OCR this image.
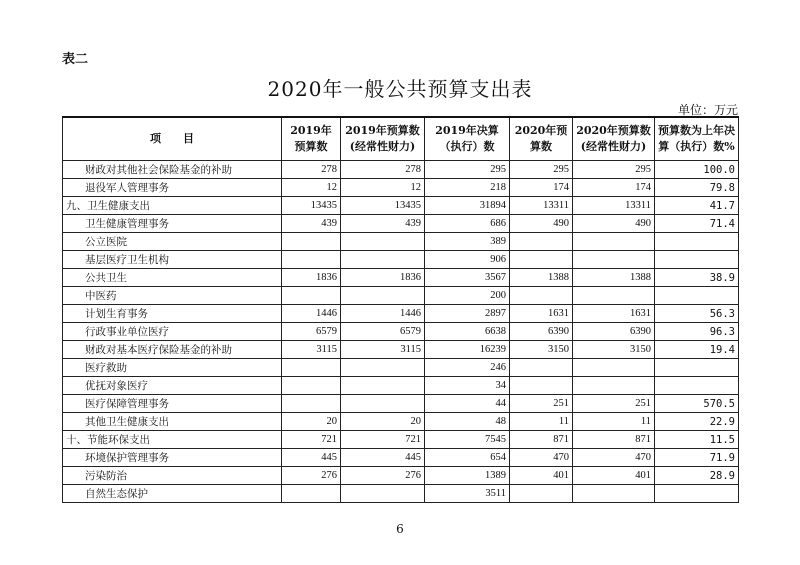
表二
2020年一般公共预算支出表
单位：万元
项　　目	2019年预算数	2019年预算数(经常性财力)	2019年决算（执行）数	2020年预算数	2020年预算数(经常性财力)	预算数为上年决算（执行）数%
财政对其他社会保险基金的补助	278	278	295	295	295	100.0
退役军人管理事务	12	12	218	174	174	79.8
九、卫生健康支出	13435	13435	31894	13311	13311	41.7
卫生健康管理事务	439	439	686	490	490	71.4
公立医院			389			
基层医疗卫生机构			906			
公共卫生	1836	1836	3567	1388	1388	38.9
中医药			200			
计划生育事务	1446	1446	2897	1631	1631	56.3
行政事业单位医疗	6579	6579	6638	6390	6390	96.3
财政对基本医疗保险基金的补助	3115	3115	16239	3150	3150	19.4
医疗救助			246			
优抚对象医疗			34			
医疗保障管理事务			44	251	251	570.5
其他卫生健康支出	20	20	48	11	11	22.9
十、节能环保支出	721	721	7545	871	871	11.5
环境保护管理事务	445	445	654	470	470	71.9
污染防治	276	276	1389	401	401	28.9
自然生态保护			3511			
6
